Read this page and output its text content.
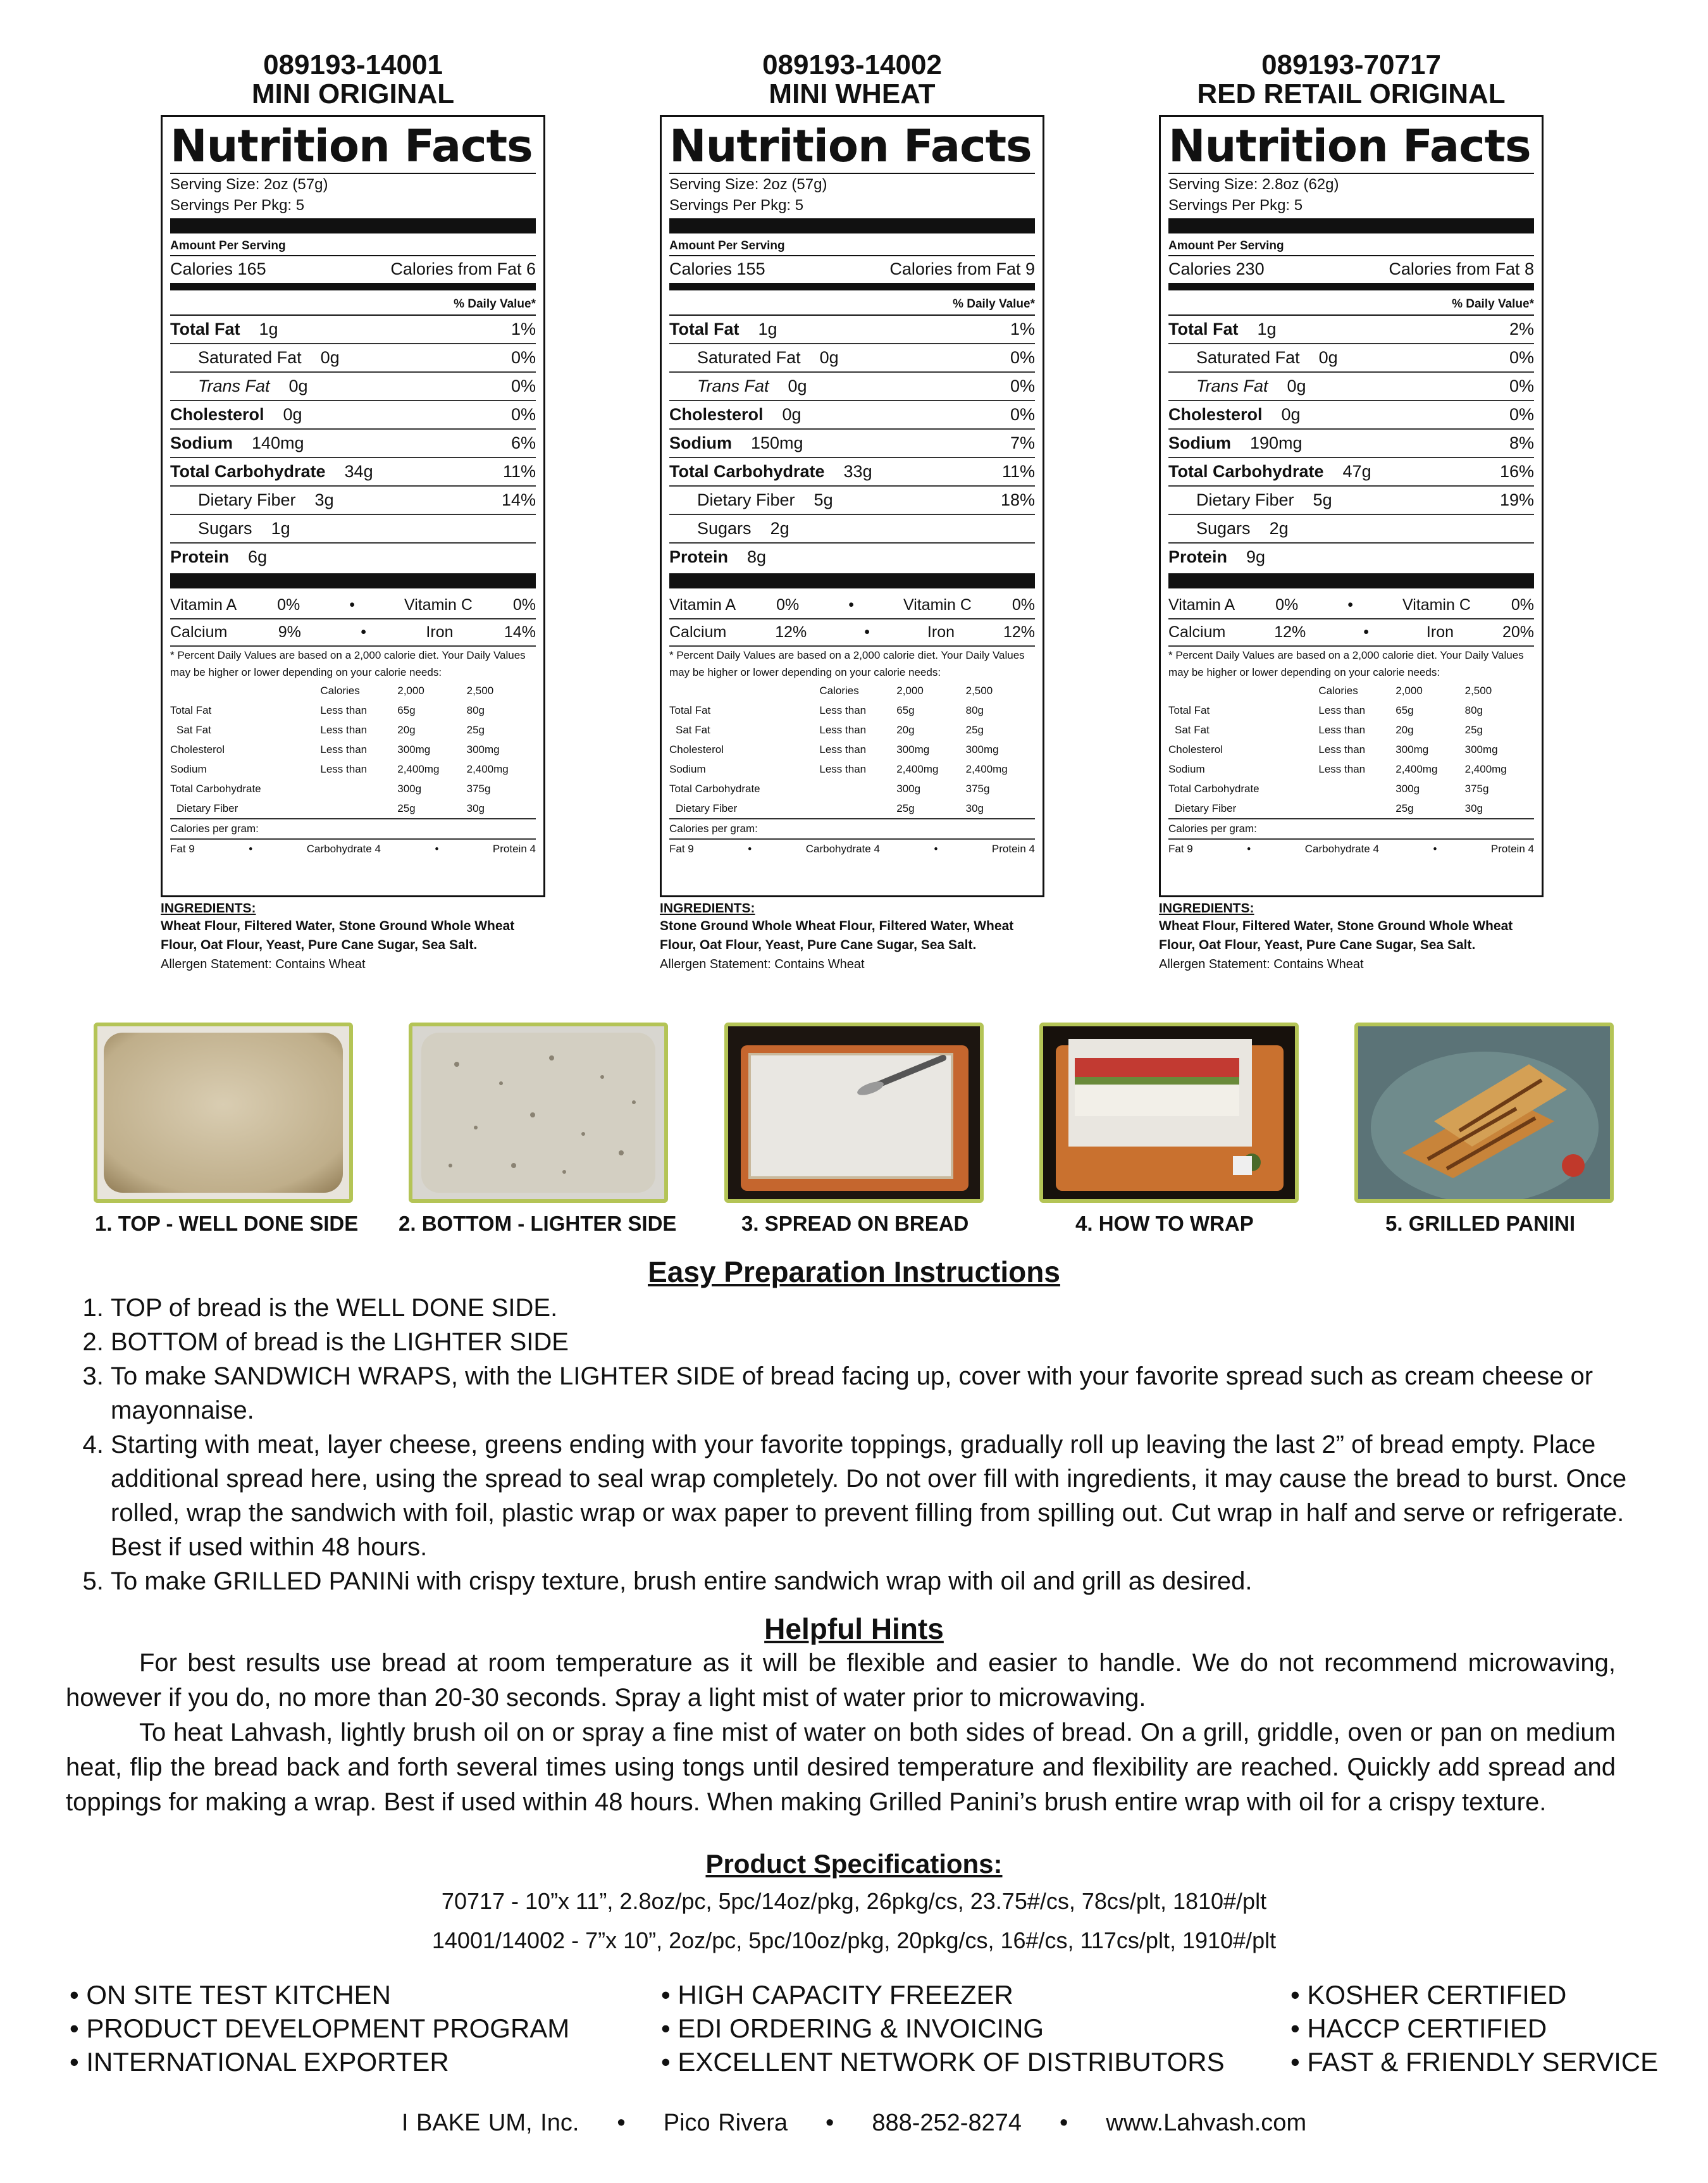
089193-14001
MINI ORIGINAL
Nutrition Facts
Serving Size: 2oz (57g)
Servings Per Pkg: 5
Amount Per Serving
Calories 165	Calories from Fat 6
% Daily Value*
Total Fat 1g	1%
Saturated Fat 0g	0%
Trans Fat 0g	0%
Cholesterol 0g	0%
Sodium 140mg	6%
Total Carbohydrate 34g	11%
Dietary Fiber 3g	14%
Sugars 1g
Protein 6g
Vitamin A	0%	•	Vitamin C	0%
Calcium	9%	•	Iron	14%
* Percent Daily Values are based on a 2,000 calorie diet. Your Daily Values may be higher or lower depending on your calorie needs:
	Calories	2,000	2,500
Total Fat	Less than	65g	80g
Sat Fat	Less than	20g	25g
Cholesterol	Less than	300mg	300mg
Sodium	Less than	2,400mg	2,400mg
Total Carbohydrate		300g	375g
Dietary Fiber		25g	30g
Calories per gram:
Fat 9	•	Carbohydrate 4	•	Protein 4
INGREDIENTS:
Wheat Flour, Filtered Water, Stone Ground Whole Wheat Flour, Oat Flour, Yeast, Pure Cane Sugar, Sea Salt.
Allergen Statement: Contains Wheat
089193-14002
MINI WHEAT
Nutrition Facts
Serving Size: 2oz (57g)
Servings Per Pkg: 5
Amount Per Serving
Calories 155	Calories from Fat 9
% Daily Value*
Total Fat 1g	1%
Saturated Fat 0g	0%
Trans Fat 0g	0%
Cholesterol 0g	0%
Sodium 150mg	7%
Total Carbohydrate 33g	11%
Dietary Fiber 5g	18%
Sugars 2g
Protein 8g
Vitamin A	0%	•	Vitamin C	0%
Calcium	12%	•	Iron	12%
* Percent Daily Values are based on a 2,000 calorie diet. Your Daily Values may be higher or lower depending on your calorie needs:
	Calories	2,000	2,500
Total Fat	Less than	65g	80g
Sat Fat	Less than	20g	25g
Cholesterol	Less than	300mg	300mg
Sodium	Less than	2,400mg	2,400mg
Total Carbohydrate		300g	375g
Dietary Fiber		25g	30g
Calories per gram:
Fat 9	•	Carbohydrate 4	•	Protein 4
INGREDIENTS:
Stone Ground Whole Wheat Flour, Filtered Water, Wheat Flour, Oat Flour, Yeast, Pure Cane Sugar, Sea Salt.
Allergen Statement: Contains Wheat
089193-70717
RED RETAIL ORIGINAL
Nutrition Facts
Serving Size: 2.8oz (62g)
Servings Per Pkg: 5
Amount Per Serving
Calories 230	Calories from Fat 8
% Daily Value*
Total Fat 1g	2%
Saturated Fat 0g	0%
Trans Fat 0g	0%
Cholesterol 0g	0%
Sodium 190mg	8%
Total Carbohydrate 47g	16%
Dietary Fiber 5g	19%
Sugars 2g
Protein 9g
Vitamin A	0%	•	Vitamin C	0%
Calcium	12%	•	Iron	20%
* Percent Daily Values are based on a 2,000 calorie diet. Your Daily Values may be higher or lower depending on your calorie needs:
	Calories	2,000	2,500
Total Fat	Less than	65g	80g
Sat Fat	Less than	20g	25g
Cholesterol	Less than	300mg	300mg
Sodium	Less than	2,400mg	2,400mg
Total Carbohydrate		300g	375g
Dietary Fiber		25g	30g
Calories per gram:
Fat 9	•	Carbohydrate 4	•	Protein 4
INGREDIENTS:
Wheat Flour, Filtered Water, Stone Ground Whole Wheat Flour, Oat Flour, Yeast, Pure Cane Sugar, Sea Salt.
Allergen Statement: Contains Wheat
1. TOP - WELL DONE SIDE 2. BOTTOM - LIGHTER SIDE	3. SPREAD ON BREAD	4. HOW TO WRAP	5. GRILLED PANINI
Easy Preparation Instructions
1. TOP of bread is the WELL DONE SIDE.
2. BOTTOM of bread is the LIGHTER SIDE
3. To make SANDWICH WRAPS, with the LIGHTER SIDE of bread facing up, cover with your favorite spread such as cream cheese or mayonnaise.
4. Starting with meat, layer cheese, greens ending with your favorite toppings, gradually roll up leaving the last 2” of bread empty. Place additional spread here, using the spread to seal wrap completely. Do not over fill with ingredients, it may cause the bread to burst. Once rolled, wrap the sandwich with foil, plastic wrap or wax paper to prevent filling from spilling out. Cut wrap in half and serve or refrigerate. Best if used within 48 hours.
5. To make GRILLED PANINi with crispy texture, brush entire sandwich wrap with oil and grill as desired.
Helpful Hints

For best results use bread at room temperature as it will be flexible and easier to handle. We do not recommend microwaving, however if you do, no more than 20-30 seconds. Spray a light mist of water prior to microwaving.

To heat Lahvash, lightly brush oil on or spray a fine mist of water on both sides of bread. On a grill, griddle, oven or pan on medium heat, flip the bread back and forth several times using tongs until desired temperature and flexibility are reached. Quickly add spread and toppings for making a wrap. Best if used within 48 hours. When making Grilled Panini’s brush entire wrap with oil for a crispy texture.

Product Specifications:
70717 - 10”x 11”, 2.8oz/pc, 5pc/14oz/pkg, 26pkg/cs, 23.75#/cs, 78cs/plt, 1810#/plt
14001/14002 - 7”x 10”, 2oz/pc, 5pc/10oz/pkg, 20pkg/cs, 16#/cs, 117cs/plt, 1910#/plt
• ON SITE TEST KITCHEN
• PRODUCT DEVELOPMENT PROGRAM
• INTERNATIONAL EXPORTER
• HIGH CAPACITY FREEZER
• EDI ORDERING & INVOICING
• EXCELLENT NETWORK OF DISTRIBUTORS
• KOSHER CERTIFIED
• HACCP CERTIFIED
• FAST & FRIENDLY SERVICE
I BAKE UM, Inc. • Pico Rivera • 888-252-8274 • www.Lahvash.com
